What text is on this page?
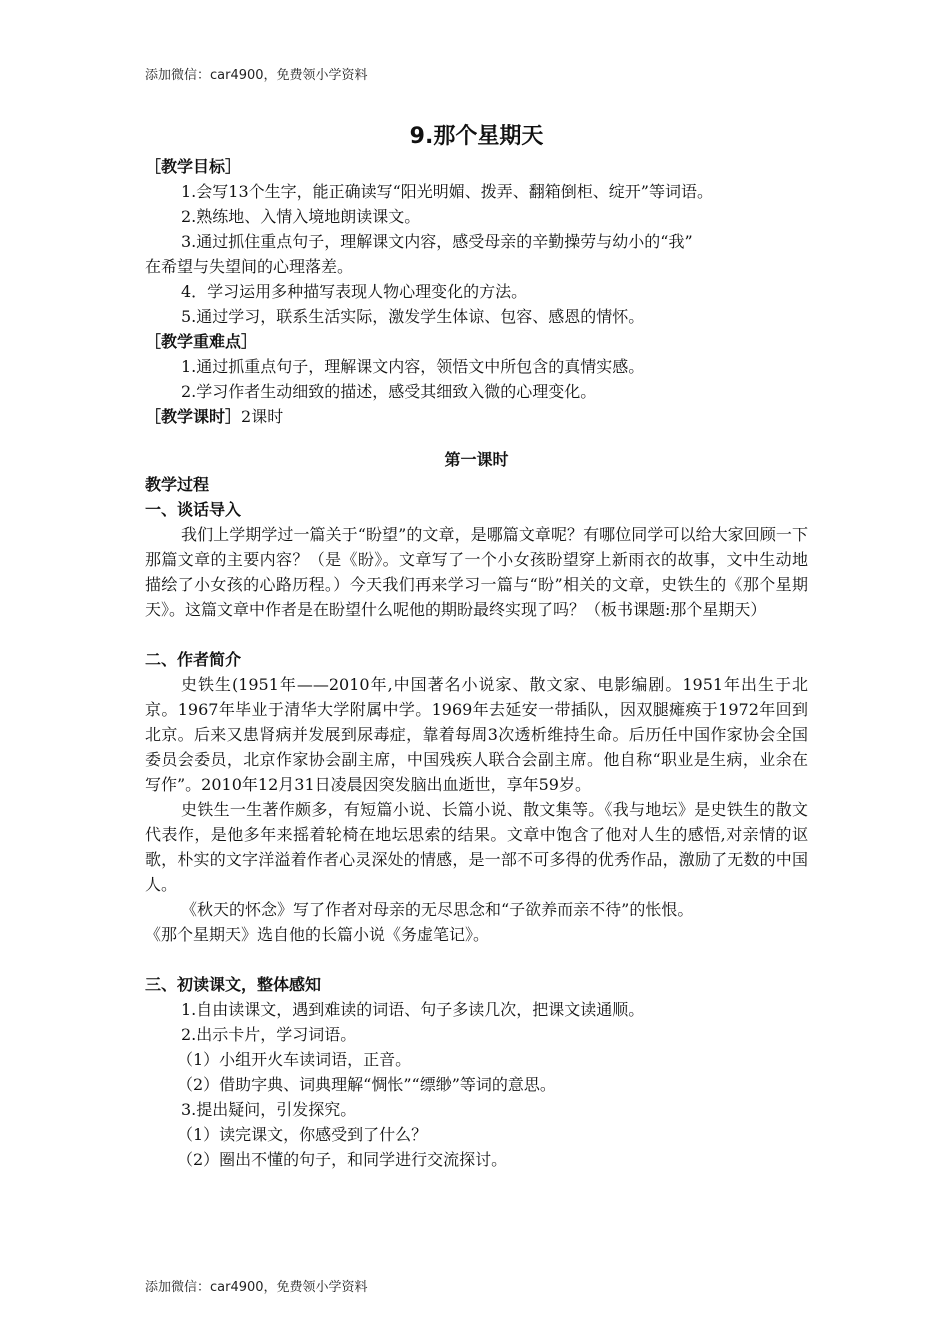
添加微信：car4900，免费领小学资料
9.那个星期天
［教学目标］
1.会写13个生字，能正确读写“阳光明媚、拨弄、翻箱倒柜、绽开”等词语。
2.熟练地、入情入境地朗读课文。
3.通过抓住重点句子，理解课文内容，感受母亲的辛勤操劳与幼小的“我”
在希望与失望间的心理落差。
4．学习运用多种描写表现人物心理变化的方法。
5.通过学习，联系生活实际，激发学生体谅、包容、感恩的情怀。
［教学重难点］
1.通过抓重点句子，理解课文内容，领悟文中所包含的真情实感。
2.学习作者生动细致的描述，感受其细致入微的心理变化。
［教学课时］2课时
第一课时
教学过程
一、谈话导入

我们上学期学过一篇关于“盼望”的文章，是哪篇文章呢？有哪位同学可以给大家回顾一下那篇文章的主要内容？（是《盼》。文章写了一个小女孩盼望穿上新雨衣的故事，文中生动地描绘了小女孩的心路历程。）今天我们再来学习一篇与“盼”相关的文章，史铁生的《那个星期天》。这篇文章中作者是在盼望什么呢他的期盼最终实现了吗？（板书课题:那个星期天）

二、作者简介

史铁生(1951年——2010年,中国著名小说家、散文家、电影编剧。1951年出生于北京。1967年毕业于清华大学附属中学。1969年去延安一带插队，因双腿瘫痪于1972年回到北京。后来又患肾病并发展到尿毒症，靠着每周3次透析维持生命。后历任中国作家协会全国委员会委员，北京作家协会副主席，中国残疾人联合会副主席。他自称“职业是生病，业余在写作”。2010年12月31日凌晨因突发脑出血逝世，享年59岁。

史铁生一生著作颇多，有短篇小说、长篇小说、散文集等。《我与地坛》是史铁生的散文代表作，是他多年来摇着轮椅在地坛思索的结果。文章中饱含了他对人生的感悟,对亲情的讴歌，朴实的文字洋溢着作者心灵深处的情感，是一部不可多得的优秀作品，激励了无数的中国人。

《秋天的怀念》写了作者对母亲的无尽思念和“子欲养而亲不待”的怅恨。
《那个星期天》选自他的长篇小说《务虚笔记》。
三、初读课文，整体感知
1.自由读课文，遇到难读的词语、句子多读几次，把课文读通顺。
2.出示卡片，学习词语。
（1）小组开火车读词语，正音。
（2）借助字典、词典理解“惆怅”“缥缈”等词的意思。
3.提出疑问，引发探究。
（1）读完课文，你感受到了什么？
（2）圈出不懂的句子，和同学进行交流探讨。
添加微信：car4900，免费领小学资料
